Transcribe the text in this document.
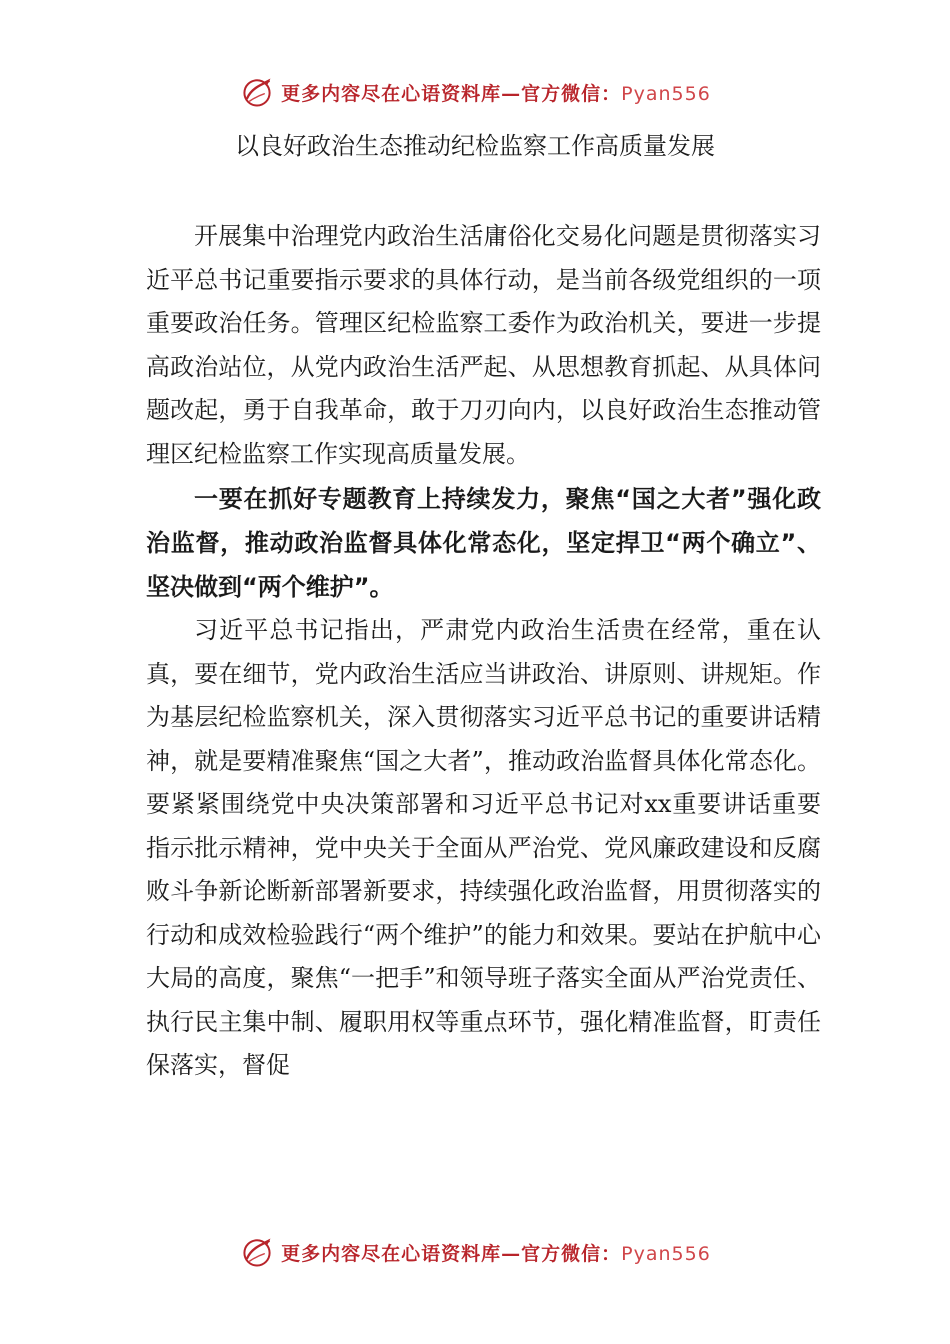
更多内容尽在心语资料库—官方微信：Pyan556
以良好政治生态推动纪检监察工作高质量发展

开展集中治理党内政治生活庸俗化交易化问题是贯彻落实习近平总书记重要指示要求的具体行动，是当前各级党组织的一项重要政治任务。管理区纪检监察工委作为政治机关，要进一步提高政治站位，从党内政治生活严起、从思想教育抓起、从具体问题改起，勇于自我革命，敢于刀刃向内，以良好政治生态推动管理区纪检监察工作实现高质量发展。

一要在抓好专题教育上持续发力，聚焦“国之大者”强化政治监督，推动政治监督具体化常态化，坚定捍卫“两个确立”、坚决做到“两个维护”。

习近平总书记指出，严肃党内政治生活贵在经常，重在认真，要在细节，党内政治生活应当讲政治、讲原则、讲规矩。作为基层纪检监察机关，深入贯彻落实习近平总书记的重要讲话精神，就是要精准聚焦“国之大者”，推动政治监督具体化常态化。要紧紧围绕党中央决策部署和习近平总书记对xx重要讲话重要指示批示精神，党中央关于全面从严治党、党风廉政建设和反腐败斗争新论断新部署新要求，持续强化政治监督，用贯彻落实的行动和成效检验践行“两个维护”的能力和效果。要站在护航中心大局的高度，聚焦“一把手”和领导班子落实全面从严治党责任、执行民主集中制、履职用权等重点环节，强化精准监督，盯责任保落实，督促

更多内容尽在心语资料库—官方微信：Pyan556
